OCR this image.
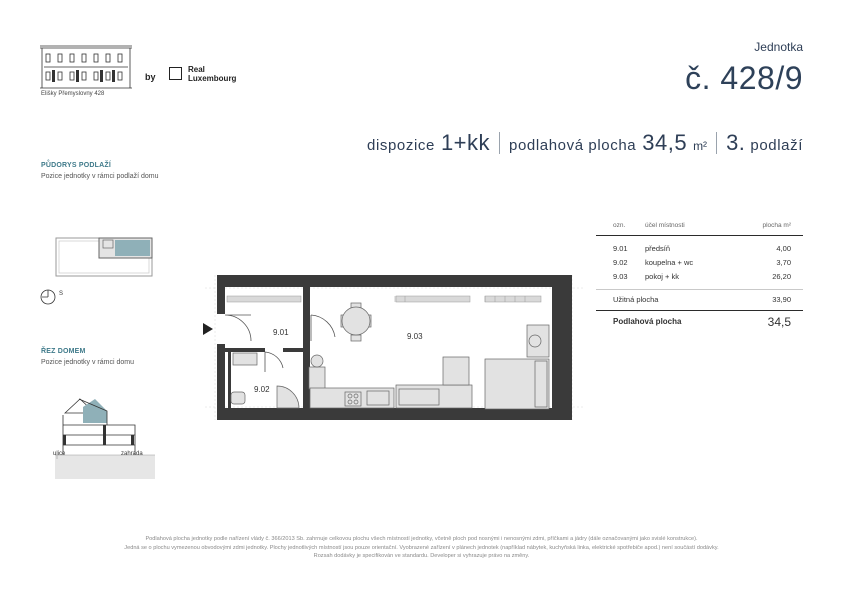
Elišky Přemyslovny 428
by
Real
Luxembourg
Jednotka
č. 428/9
dispozice 1+kk podlahová plocha 34,5 m² 3. podlaží
PŮDORYS PODLAŽÍ
Pozice jednotky v rámci podlaží domu
S
ŘEZ DOMEM
Pozice jednotky v rámci domu
ulice	zahrada
9.01
9.02
9.03
ozn.	účel místnosti	plocha m²
9.01 předsíň	4,00
9.02 koupelna + wc	3,70
9.03 pokoj + kk	26,20
Užitná plocha	33,90
Podlahová plocha	34,5
Podlahová plocha jednotky podle nařízení vlády č. 366/2013 Sb. zahrnuje celkovou plochu všech místností jednotky, včetně ploch pod nosnými i nenosnými zdmi, příčkami a jádry (dále označovanými jako svislé konstrukce).
Jedná se o plochu vymezenou obvodovými zdmi jednotky. Plochy jednotlivých místností jsou pouze orientační. Vyobrazené zařízení v plánech jednotek (například nábytek, kuchyňská linka, elektrické spotřebiče apod.) není součástí dodávky.
Rozsah dodávky je specifikován ve standardu. Developer si vyhrazuje právo na změny.
